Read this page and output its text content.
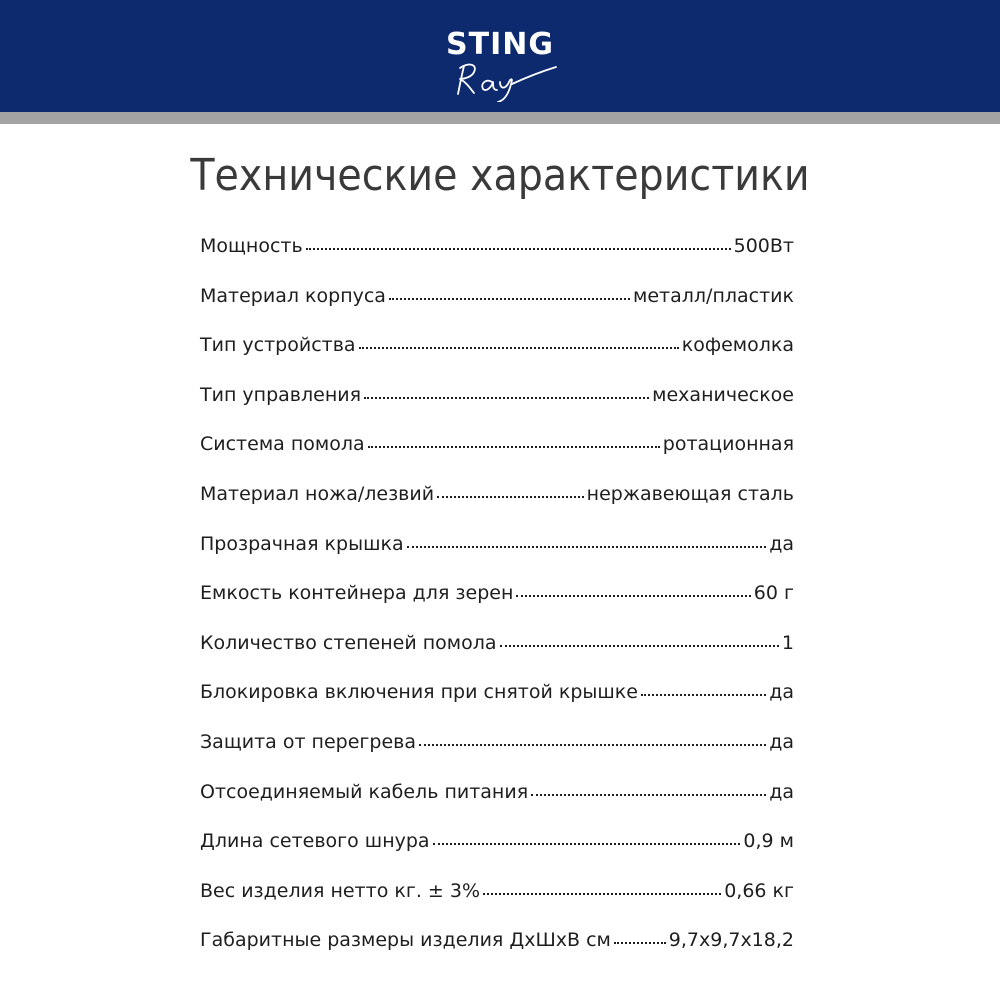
STING
Технические характеристики
Мощность	500Вт
Материал корпуса	металл/пластик
Тип устройства	кофемолка
Тип управления	механическое
Система помола	ротационная
Материал ножа/лезвий	нержавеющая сталь
Прозрачная крышка	да
Емкость контейнера для зерен	60 г
Количество степеней помола	1
Блокировка включения при снятой крышке	да
Защита от перегрева	да
Отсоединяемый кабель питания	да
Длина сетевого шнура	0,9 м
Вес изделия нетто кг. ± 3%	0,66 кг
Габаритные размеры изделия ДхШхВ см	9,7х9,7х18,2
